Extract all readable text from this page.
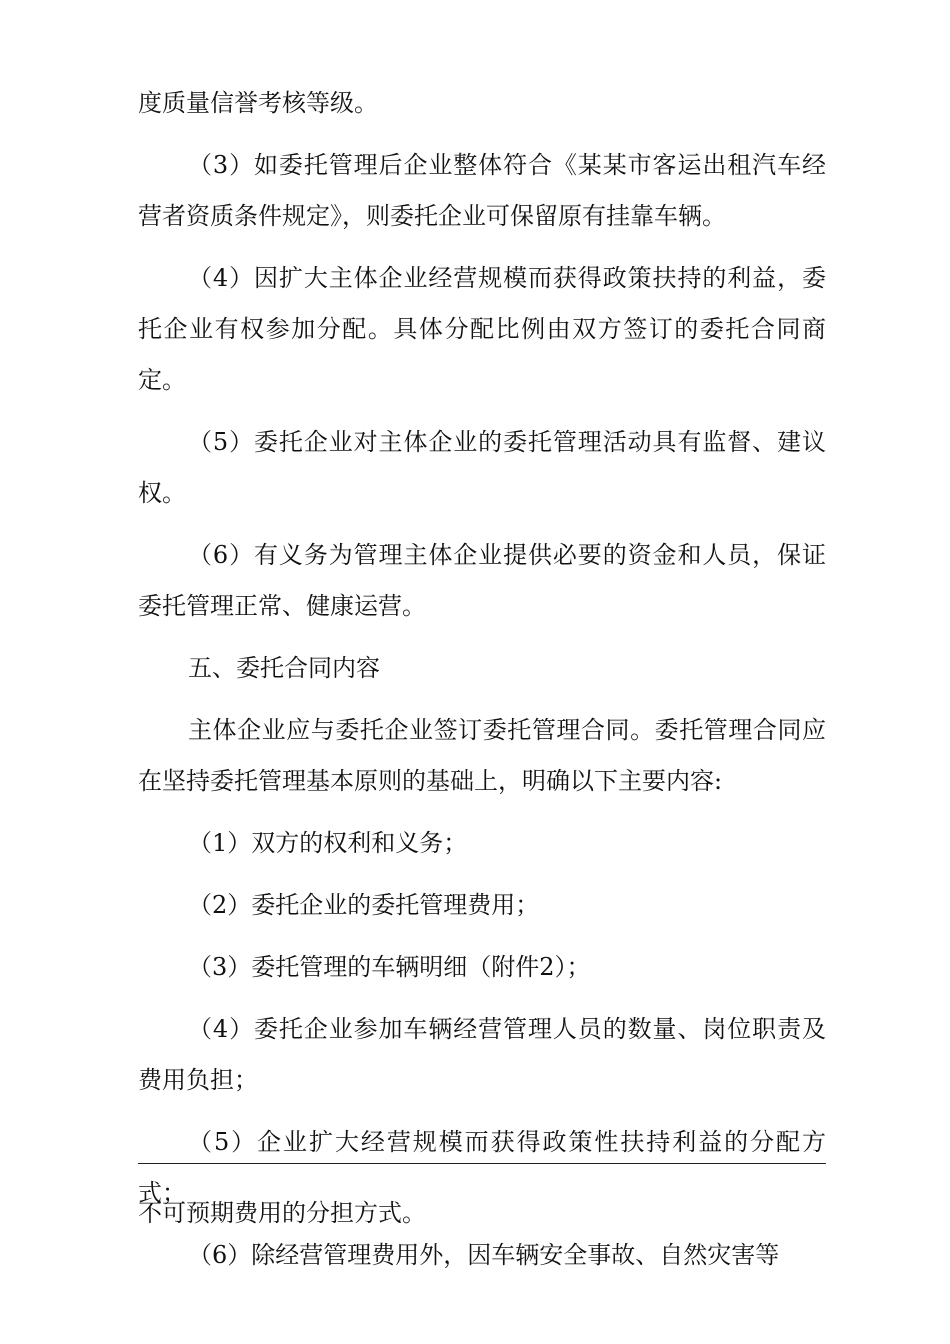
度质量信誉考核等级。

（3）如委托管理后企业整体符合《某某市客运出租汽车经营者资质条件规定》，则委托企业可保留原有挂靠车辆。

（4）因扩大主体企业经营规模而获得政策扶持的利益，委托企业有权参加分配。具体分配比例由双方签订的委托合同商定。

（5）委托企业对主体企业的委托管理活动具有监督、建议权。

（6）有义务为管理主体企业提供必要的资金和人员，保证委托管理正常、健康运营。

五、委托合同内容

主体企业应与委托企业签订委托管理合同。委托管理合同应在坚持委托管理基本原则的基础上，明确以下主要内容:

（1）双方的权利和义务；

（2）委托企业的委托管理费用；

（3）委托管理的车辆明细（附件2）；

（4）委托企业参加车辆经营管理人员的数量、岗位职责及费用负担；

（5）企业扩大经营规模而获得政策性扶持利益的分配方式；

（6）除经营管理费用外，因车辆安全事故、自然灾害等

不可预期费用的分担方式。
